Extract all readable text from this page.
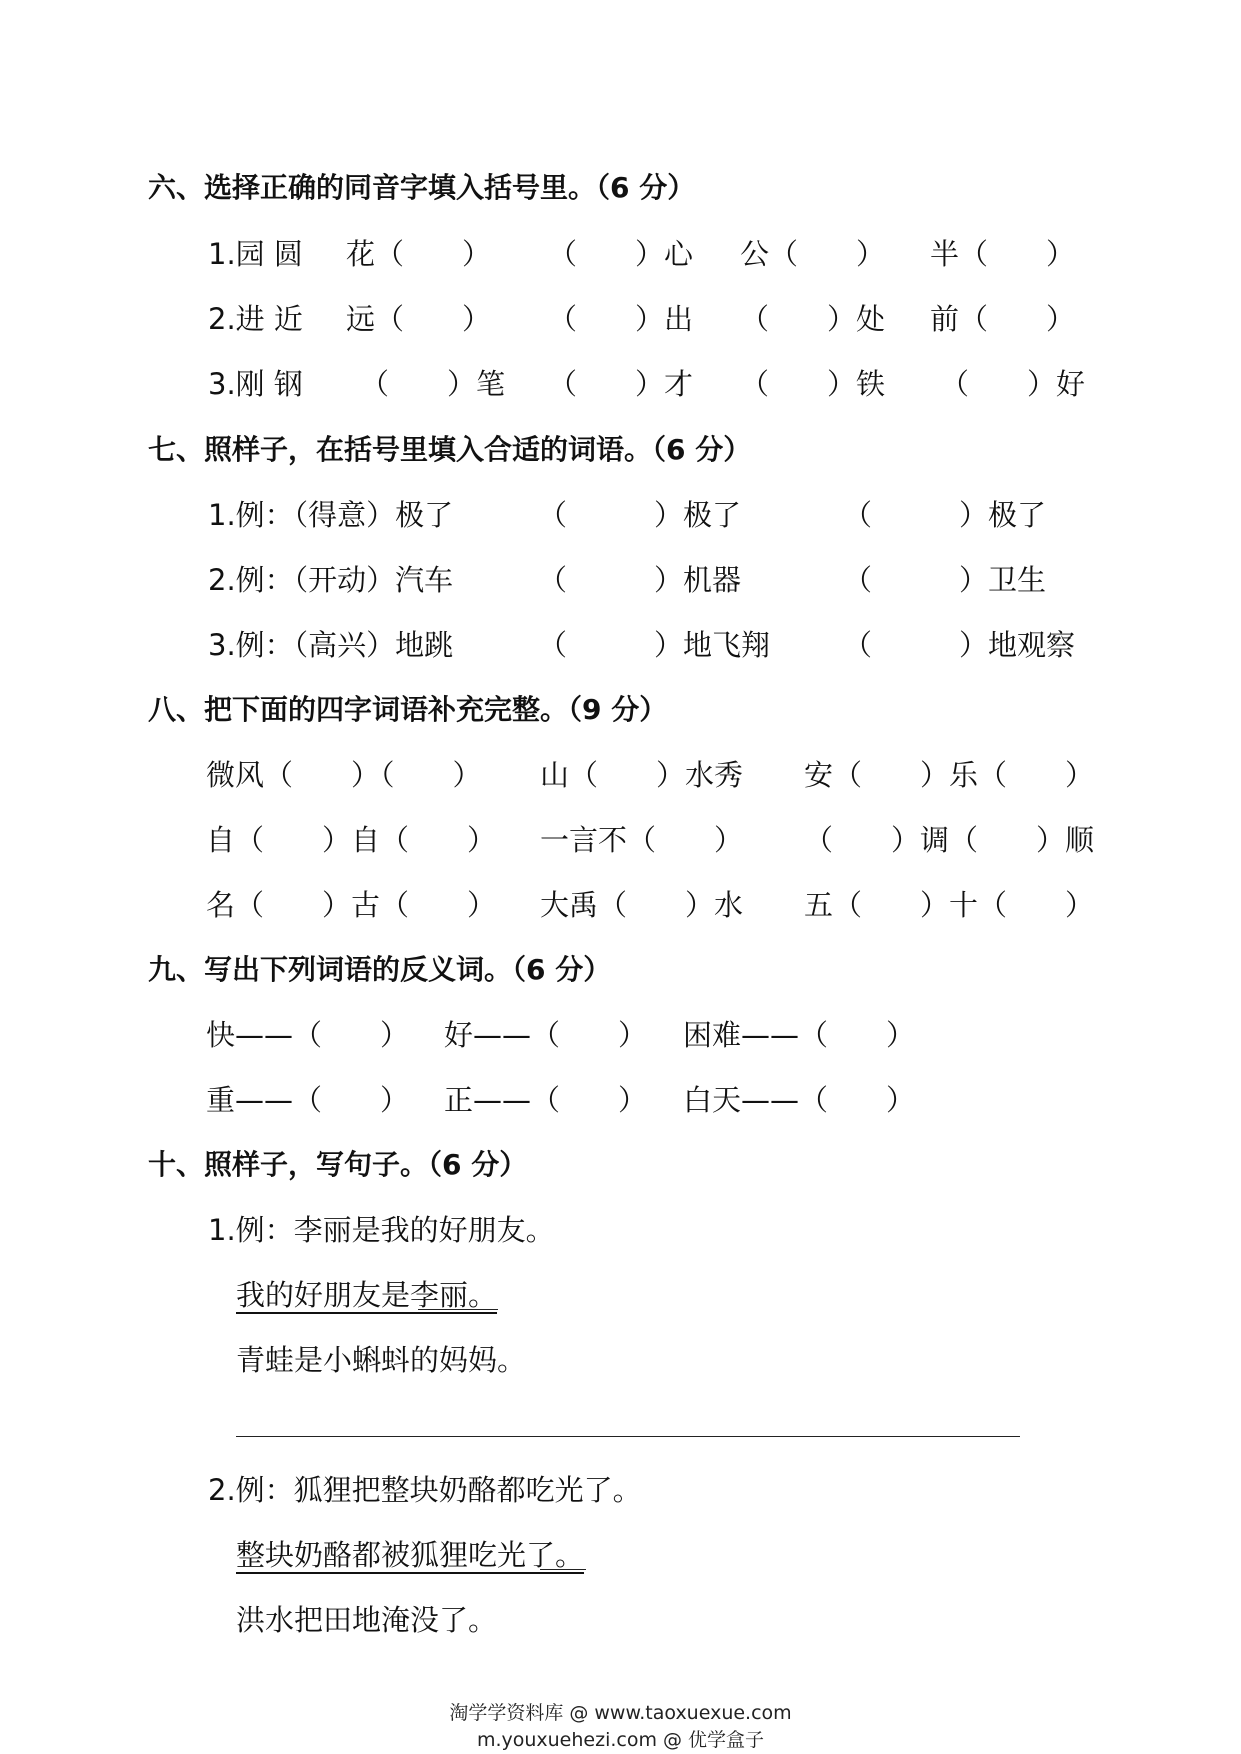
六、选择正确的同音字填入括号里。（6 分）
1.园 圆 花（　　） （　　）心 公（　　） 半（　　）
2.进 近 远（　　） （　　）出 （　　）处 前（　　）
3.刚 钢 （　　）笔 （　　）才 （　　）铁 （　　）好
七、照样子，在括号里填入合适的词语。（6 分）
1.例：（得意）极了	（　　　）极了	（　　　）极了
2.例：（开动）汽车	（　　　）机器	（　　　）卫生
3.例：（高兴）地跳	（　　　）地飞翔	（　　　）地观察
八、把下面的四字词语补充完整。（9 分）
微风（　　）（　　） 山（　　）水秀 安（　　）乐（　　）
自（　　）自（　　） 一言不（　　） （　　）调（　　）顺
名（　　）古（　　） 大禹（　　）水 五（　　）十（　　）
九、写出下列词语的反义词。（6 分）
快——（　　） 好——（　　） 困难——（　　）
重——（　　） 正——（　　） 白天——（　　）
十、照样子，写句子。（6 分）
1.例：李丽是我的好朋友。
我的好朋友是李丽。
青蛙是小蝌蚪的妈妈。
2.例：狐狸把整块奶酪都吃光了。
整块奶酪都被狐狸吃光了。
洪水把田地淹没了。
淘学学资料库 @ www.taoxuexue.com
m.youxuehezi.com @ 优学盒子
